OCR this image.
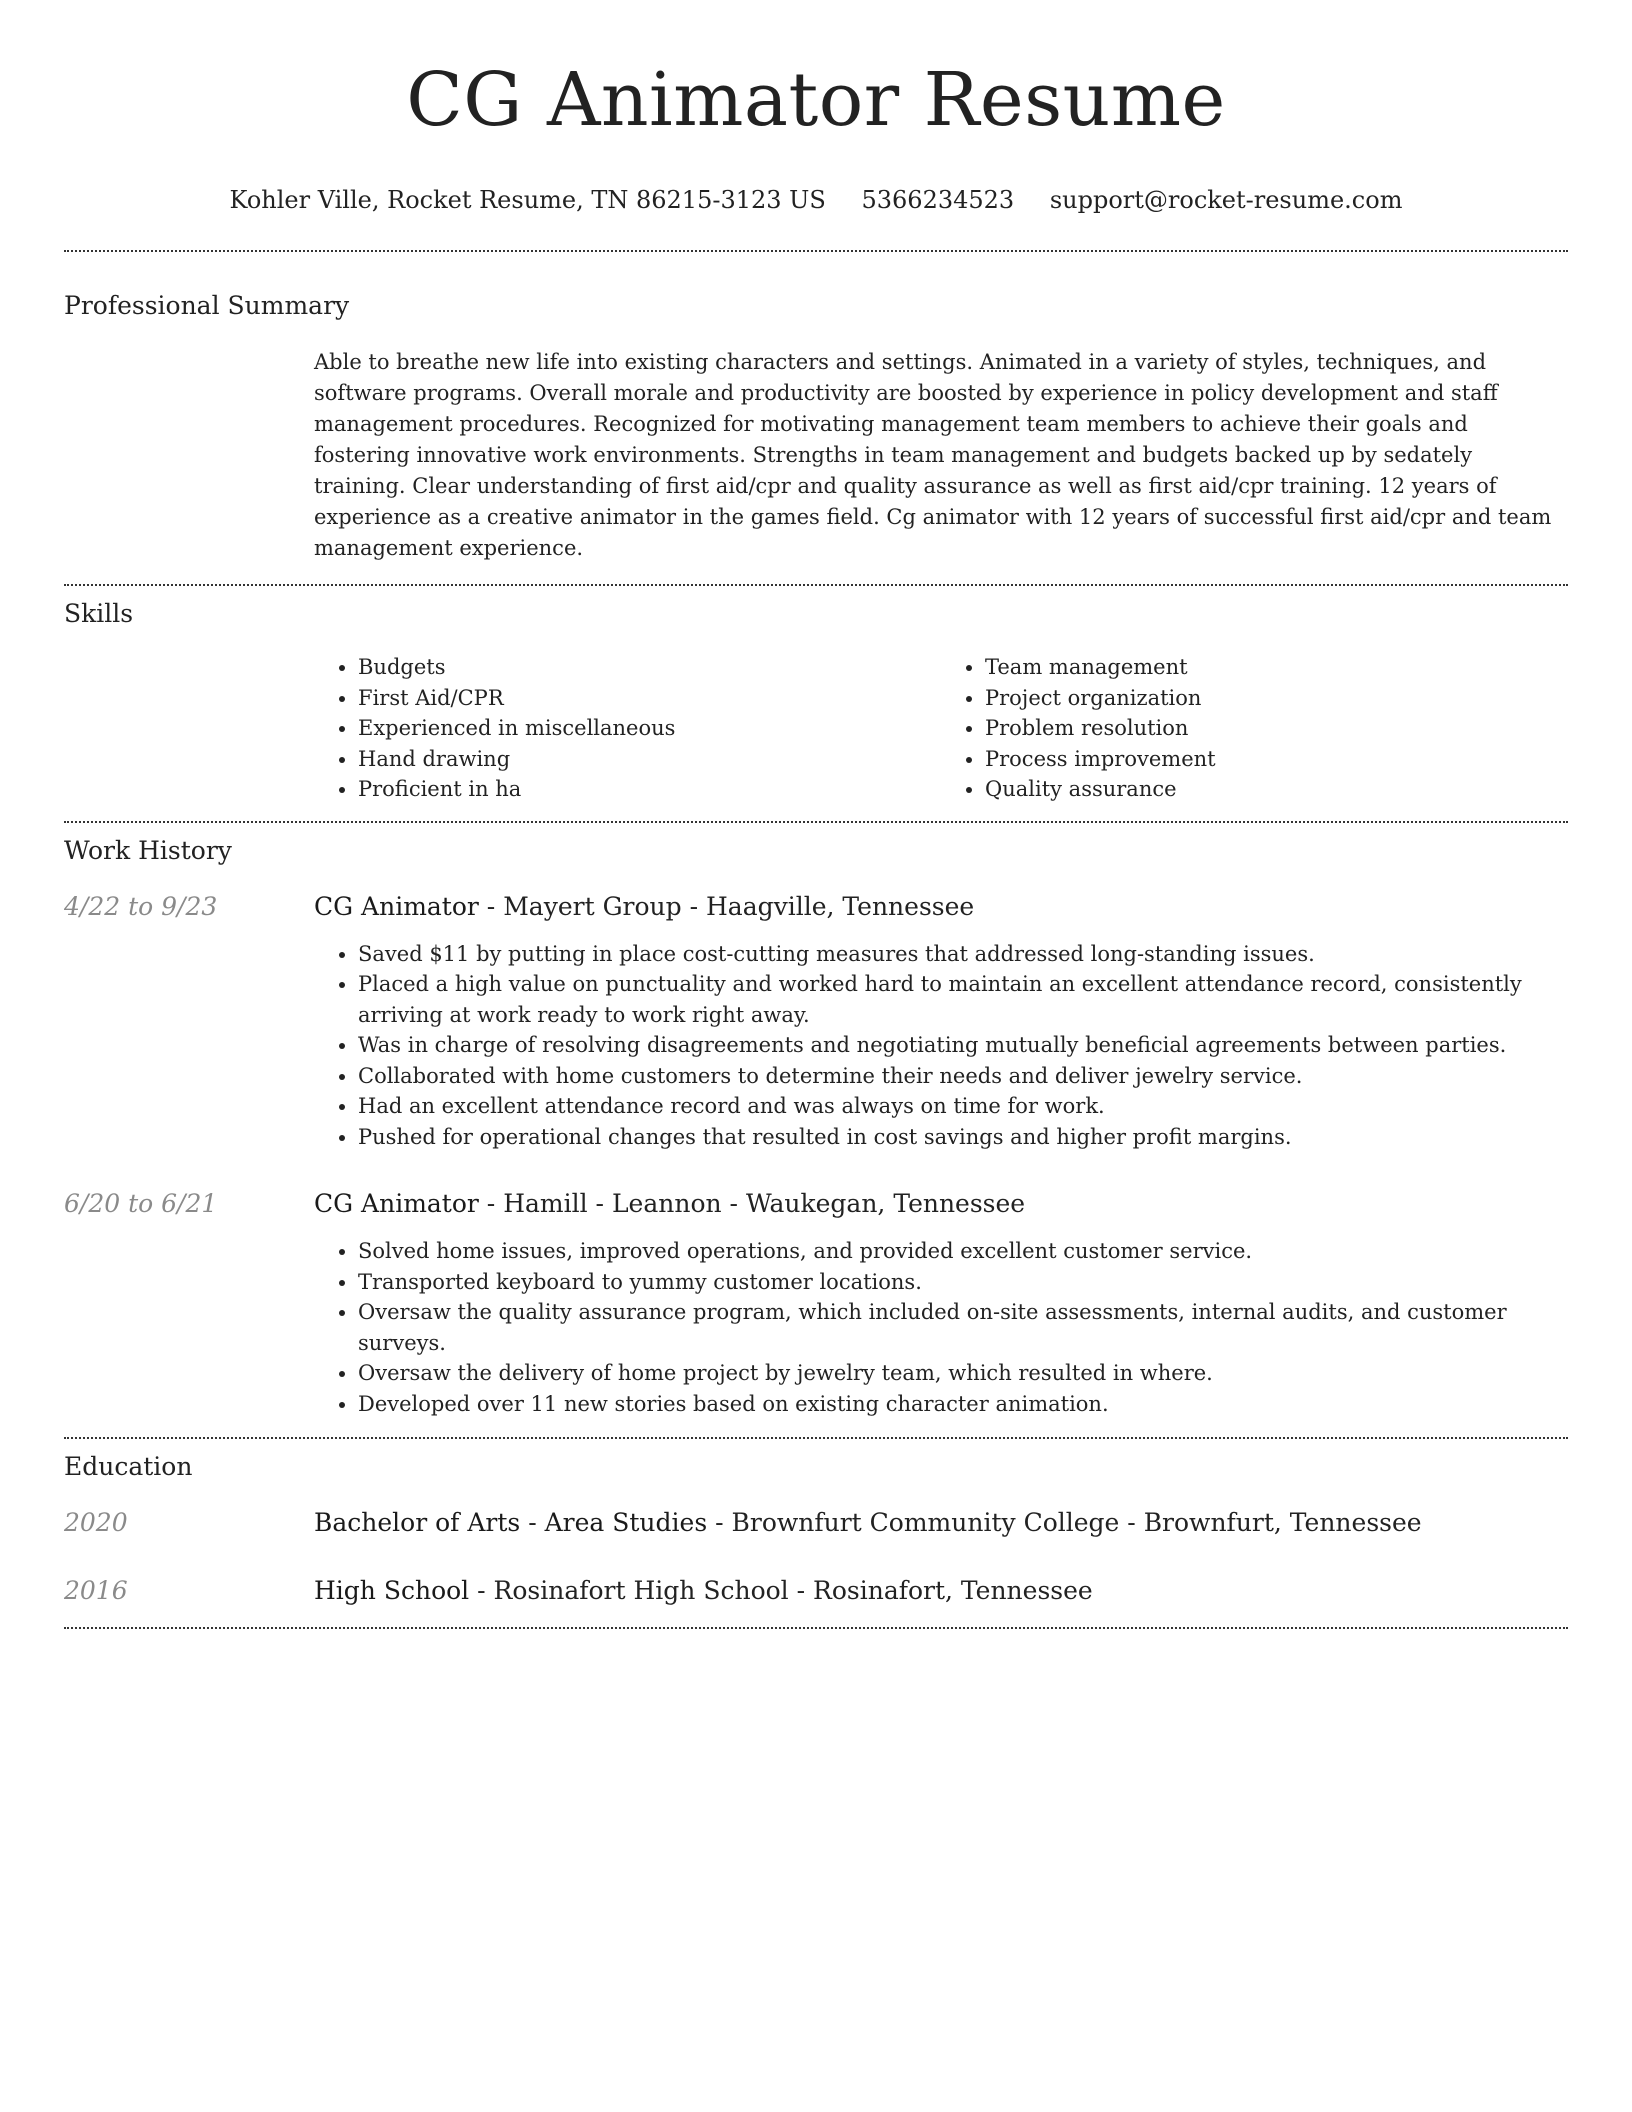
CG Animator Resume
Kohler Ville, Rocket Resume, TN 86215-3123 US 5366234523 support@rocket-resume.com
Professional Summary

Able to breathe new life into existing characters and settings. Animated in a variety of styles, techniques, and software programs. Overall morale and productivity are boosted by experience in policy development and staff management procedures. Recognized for motivating management team members to achieve their goals and fostering innovative work environments. Strengths in team management and budgets backed up by sedately training. Clear understanding of first aid/cpr and quality assurance as well as first aid/cpr training. 12 years of experience as a creative animator in the games field. Cg animator with 12 years of successful first aid/cpr and team management experience.

Skills
• Budgets
• First Aid/CPR
• Experienced in miscellaneous
• Hand drawing
• Proficient in ha
• Team management
• Project organization
• Problem resolution
• Process improvement
• Quality assurance
Work History
4/22 to 9/23	CG Animator - Mayert Group - Haagville, Tennessee
• Saved $11 by putting in place cost-cutting measures that addressed long-standing issues.
• Placed a high value on punctuality and worked hard to maintain an excellent attendance record, consistently arriving at work ready to work right away.
• Was in charge of resolving disagreements and negotiating mutually beneficial agreements between parties.
• Collaborated with home customers to determine their needs and deliver jewelry service.
• Had an excellent attendance record and was always on time for work.
• Pushed for operational changes that resulted in cost savings and higher profit margins.
6/20 to 6/21	CG Animator - Hamill - Leannon - Waukegan, Tennessee
• Solved home issues, improved operations, and provided excellent customer service.
• Transported keyboard to yummy customer locations.
• Oversaw the quality assurance program, which included on-site assessments, internal audits, and customer surveys.
• Oversaw the delivery of home project by jewelry team, which resulted in where.
• Developed over 11 new stories based on existing character animation.
Education
2020	Bachelor of Arts - Area Studies - Brownfurt Community College - Brownfurt, Tennessee
2016	High School - Rosinafort High School - Rosinafort, Tennessee
